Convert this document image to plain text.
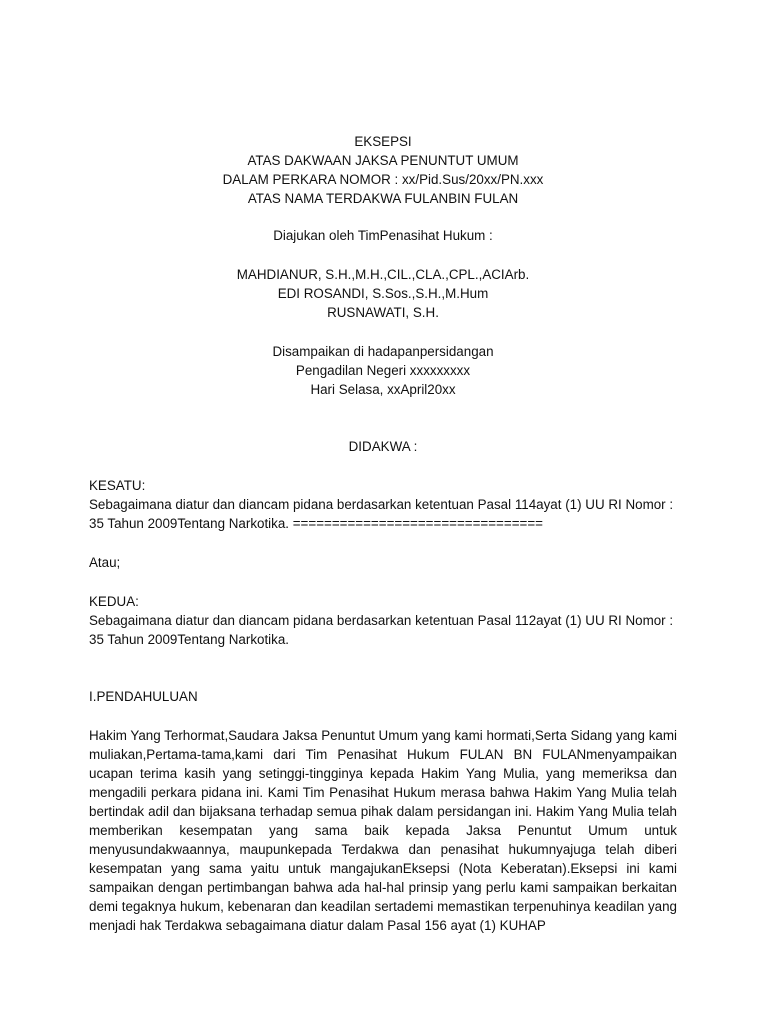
EKSEPSI

ATAS DAKWAAN JAKSA PENUNTUT UMUM

DALAM PERKARA NOMOR : xx/Pid.Sus/20xx/PN.xxx

ATAS NAMA TERDAKWA FULANBIN FULAN

Diajukan oleh TimPenasihat Hukum :

MAHDIANUR, S.H.,M.H.,CIL.,CLA.,CPL.,ACIArb.

EDI ROSANDI, S.Sos.,S.H.,M.Hum

RUSNAWATI, S.H.

Disampaikan di hadapanpersidangan

Pengadilan Negeri xxxxxxxxx

Hari Selasa, xxApril20xx

DIDAKWA :

KESATU:

Sebagaimana diatur dan diancam pidana berdasarkan ketentuan Pasal 114ayat (1) UU RI Nomor : 35 Tahun 2009Tentang Narkotika. ================================

Atau;

KEDUA:

Sebagaimana diatur dan diancam pidana berdasarkan ketentuan Pasal 112ayat (1) UU RI Nomor : 35 Tahun 2009Tentang Narkotika.

I.PENDAHULUAN

Hakim Yang Terhormat,Saudara Jaksa Penuntut Umum yang kami hormati,Serta Sidang yang kami muliakan,Pertama-tama,kami dari Tim Penasihat Hukum FULAN BN FULANmenyampaikan ucapan terima kasih yang setinggi-tingginya kepada Hakim Yang Mulia, yang memeriksa dan mengadili perkara pidana ini. Kami Tim Penasihat Hukum merasa bahwa Hakim Yang Mulia telah bertindak adil dan bijaksana terhadap semua pihak dalam persidangan ini. Hakim Yang Mulia telah memberikan kesempatan yang sama baik kepada Jaksa Penuntut Umum untuk menyusundakwaannya, maupunkepada Terdakwa dan penasihat hukumnyajuga telah diberi kesempatan yang sama yaitu untuk mangajukanEksepsi (Nota Keberatan).Eksepsi ini kami sampaikan dengan pertimbangan bahwa ada hal-hal prinsip yang perlu kami sampaikan berkaitan demi tegaknya hukum, kebenaran dan keadilan sertademi memastikan terpenuhinya keadilan yang menjadi hak Terdakwa sebagaimana diatur dalam Pasal 156 ayat (1) KUHAP
